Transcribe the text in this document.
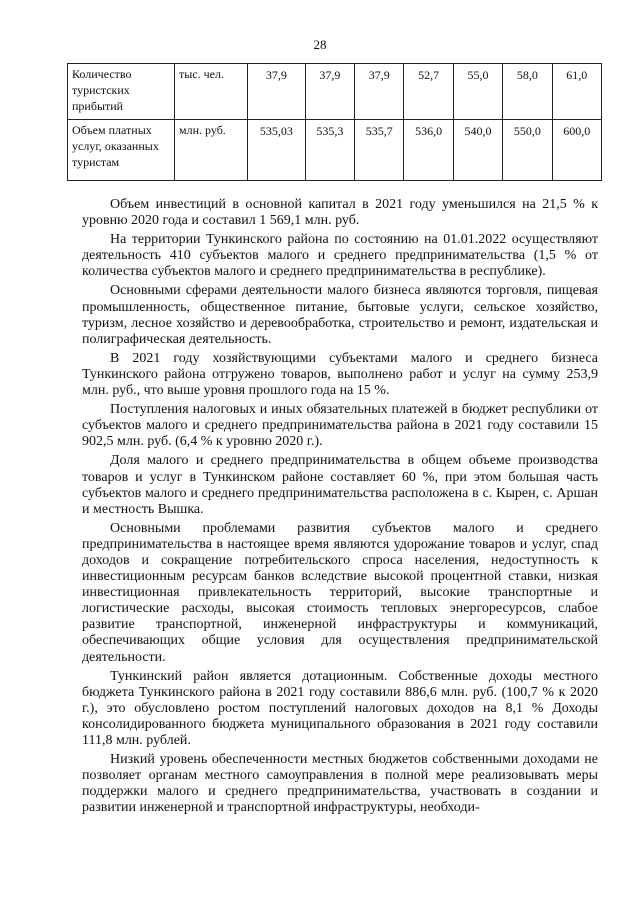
28
Количество туристских прибытий	тыс. чел.	37,9	37,9	37,9	52,7	55,0	58,0	61,0
Объем платных услуг, оказанных туристам	млн. руб.	535,03	535,3	535,7	536,0	540,0	550,0	600,0

Объем инвестиций в основной капитал в 2021 году уменьшился на 21,5 % к уровню 2020 года и составил 1 569,1 млн. руб.

На территории Тункинского района по состоянию на 01.01.2022 осуществляют деятельность 410 субъектов малого и среднего предпринимательства (1,5 % от количества субъектов малого и среднего предпринимательства в республике).

Основными сферами деятельности малого бизнеса являются торговля, пищевая промышленность, общественное питание, бытовые услуги, сельское хозяйство, туризм, лесное хозяйство и деревообработка, строительство и ремонт, издательская и полиграфическая деятельность.

В 2021 году хозяйствующими субъектами малого и среднего бизнеса Тункинского района отгружено товаров, выполнено работ и услуг на сумму 253,9 млн. руб., что выше уровня прошлого года на 15 %.

Поступления налоговых и иных обязательных платежей в бюджет республики от субъектов малого и среднего предпринимательства района в 2021 году составили 15 902,5 млн. руб. (6,4 % к уровню 2020 г.).

Доля малого и среднего предпринимательства в общем объеме производства товаров и услуг в Тункинском районе составляет 60 %, при этом большая часть субъектов малого и среднего предпринимательства расположена в с. Кырен, с. Аршан и местность Вышка.

Основными проблемами развития субъектов малого и среднего предпринимательства в настоящее время являются удорожание товаров и услуг, спад доходов и сокращение потребительского спроса населения, недоступность к инвестиционным ресурсам банков вследствие высокой процентной ставки, низкая инвестиционная привлекательность территорий, высокие транспортные и логистические расходы, высокая стоимость тепловых энергоресурсов, слабое развитие транспортной, инженерной инфраструктуры и коммуникаций, обеспечивающих общие условия для осуществления предпринимательской деятельности.

Тункинский район является дотационным. Собственные доходы местного бюджета Тункинского района в 2021 году составили 886,6 млн. руб. (100,7 % к 2020 г.), это обусловлено ростом поступлений налоговых доходов на 8,1 % Доходы консолидированного бюджета муниципального образования в 2021 году составили 111,8 млн. рублей.

Низкий уровень обеспеченности местных бюджетов собственными доходами не позволяет органам местного самоуправления в полной мере реализовывать меры поддержки малого и среднего предпринимательства, участвовать в создании и развитии инженерной и транспортной инфраструктуры, необходи-
